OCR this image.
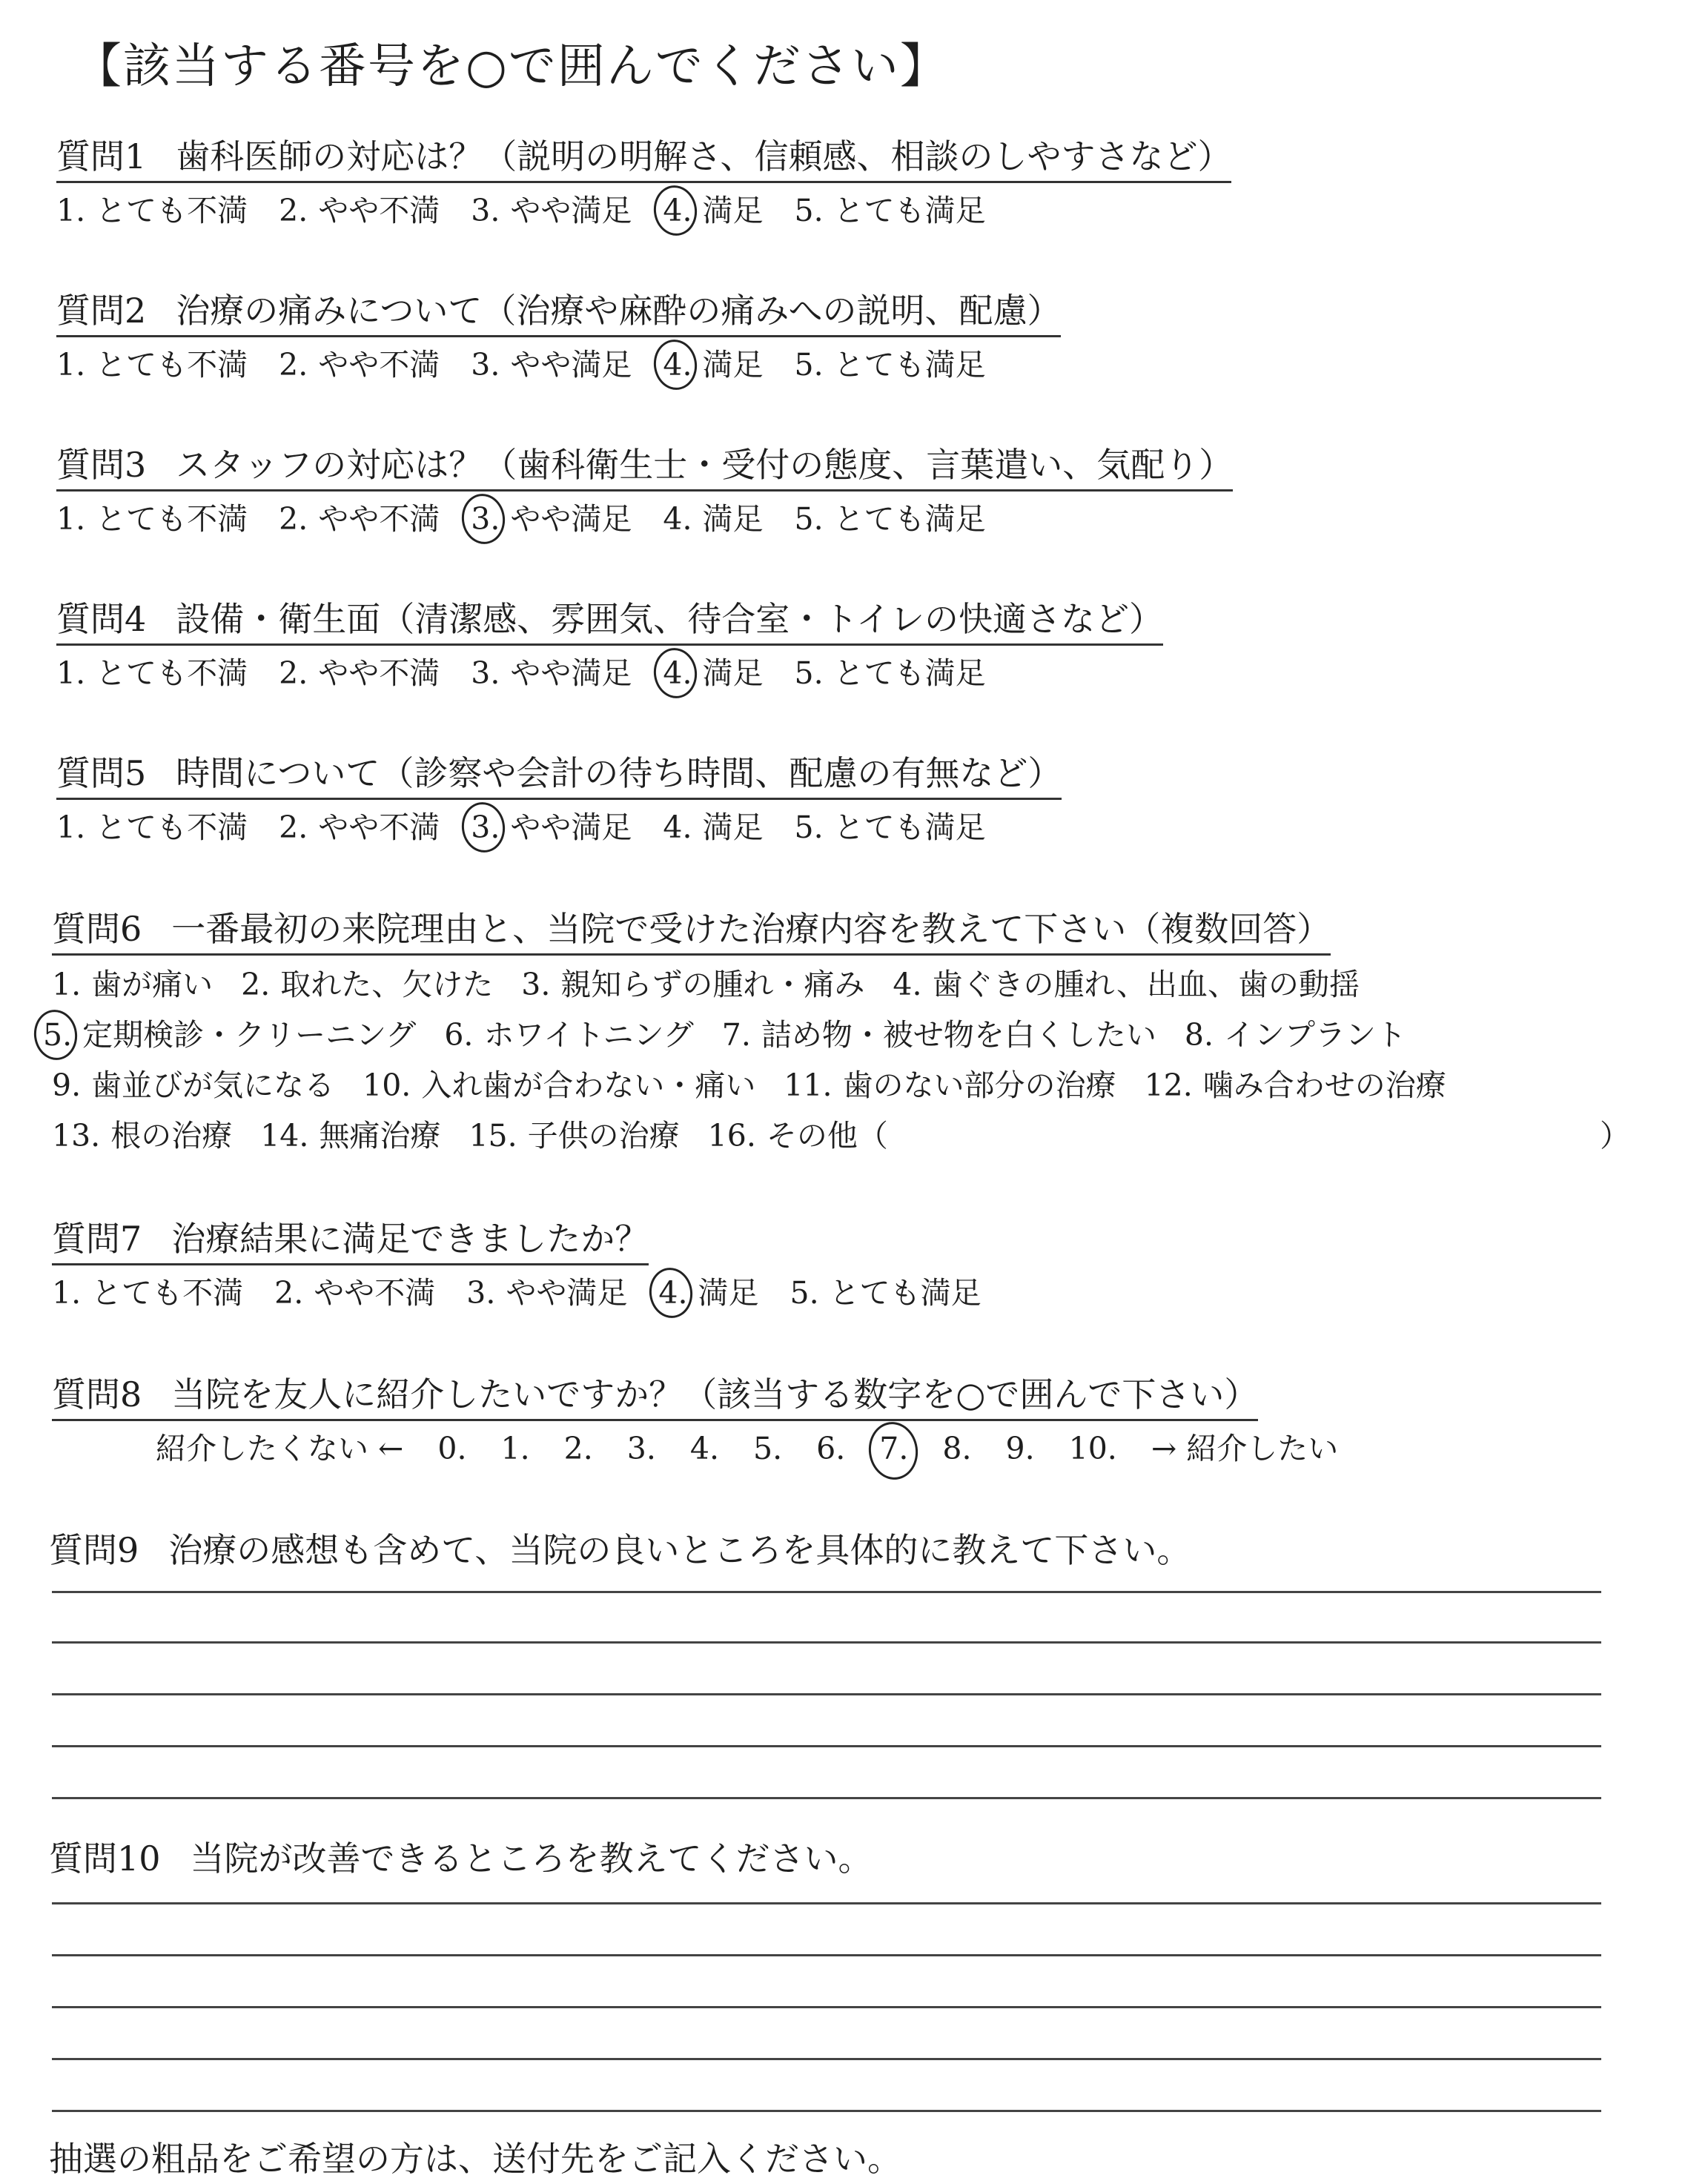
【該当する番号を○で囲んでください】
質問1 歯科医師の対応は？（説明の明解さ、信頼感、相談のしやすさなど）
1. とても不満 2. やや不満 3. やや満足 4. 満足 5. とても満足
質問2 治療の痛みについて（治療や麻酔の痛みへの説明、配慮）
1. とても不満 2. やや不満 3. やや満足 4. 満足 5. とても満足
質問3 スタッフの対応は？（歯科衛生士・受付の態度、言葉遣い、気配り）
1. とても不満 2. やや不満 3. やや満足 4. 満足 5. とても満足
質問4 設備・衛生面（清潔感、雰囲気、待合室・トイレの快適さなど）
1. とても不満 2. やや不満 3. やや満足 4. 満足 5. とても満足
質問5 時間について（診察や会計の待ち時間、配慮の有無など）
1. とても不満 2. やや不満 3. やや満足 4. 満足 5. とても満足
質問6 一番最初の来院理由と、当院で受けた治療内容を教えて下さい（複数回答）
1. 歯が痛い 2. 取れた、欠けた 3. 親知らずの腫れ・痛み 4. 歯ぐきの腫れ、出血、歯の動揺
5. 定期検診・クリーニング 6. ホワイトニング 7. 詰め物・被せ物を白くしたい 8. インプラント
9. 歯並びが気になる 10. 入れ歯が合わない・痛い 11. 歯のない部分の治療 12. 噛み合わせの治療
13. 根の治療 14. 無痛治療 15. 子供の治療 16. その他（	）
質問7 治療結果に満足できましたか？
1. とても不満 2. やや不満 3. やや満足 4. 満足 5. とても満足
質問8 当院を友人に紹介したいですか？（該当する数字を○で囲んで下さい）
紹介したくない ← 0. 1. 2. 3. 4. 5. 6. 7. 8. 9. 10. → 紹介したい
質問9 治療の感想も含めて、当院の良いところを具体的に教えて下さい。
質問10 当院が改善できるところを教えてください。
抽選の粗品をご希望の方は、送付先をご記入ください。
